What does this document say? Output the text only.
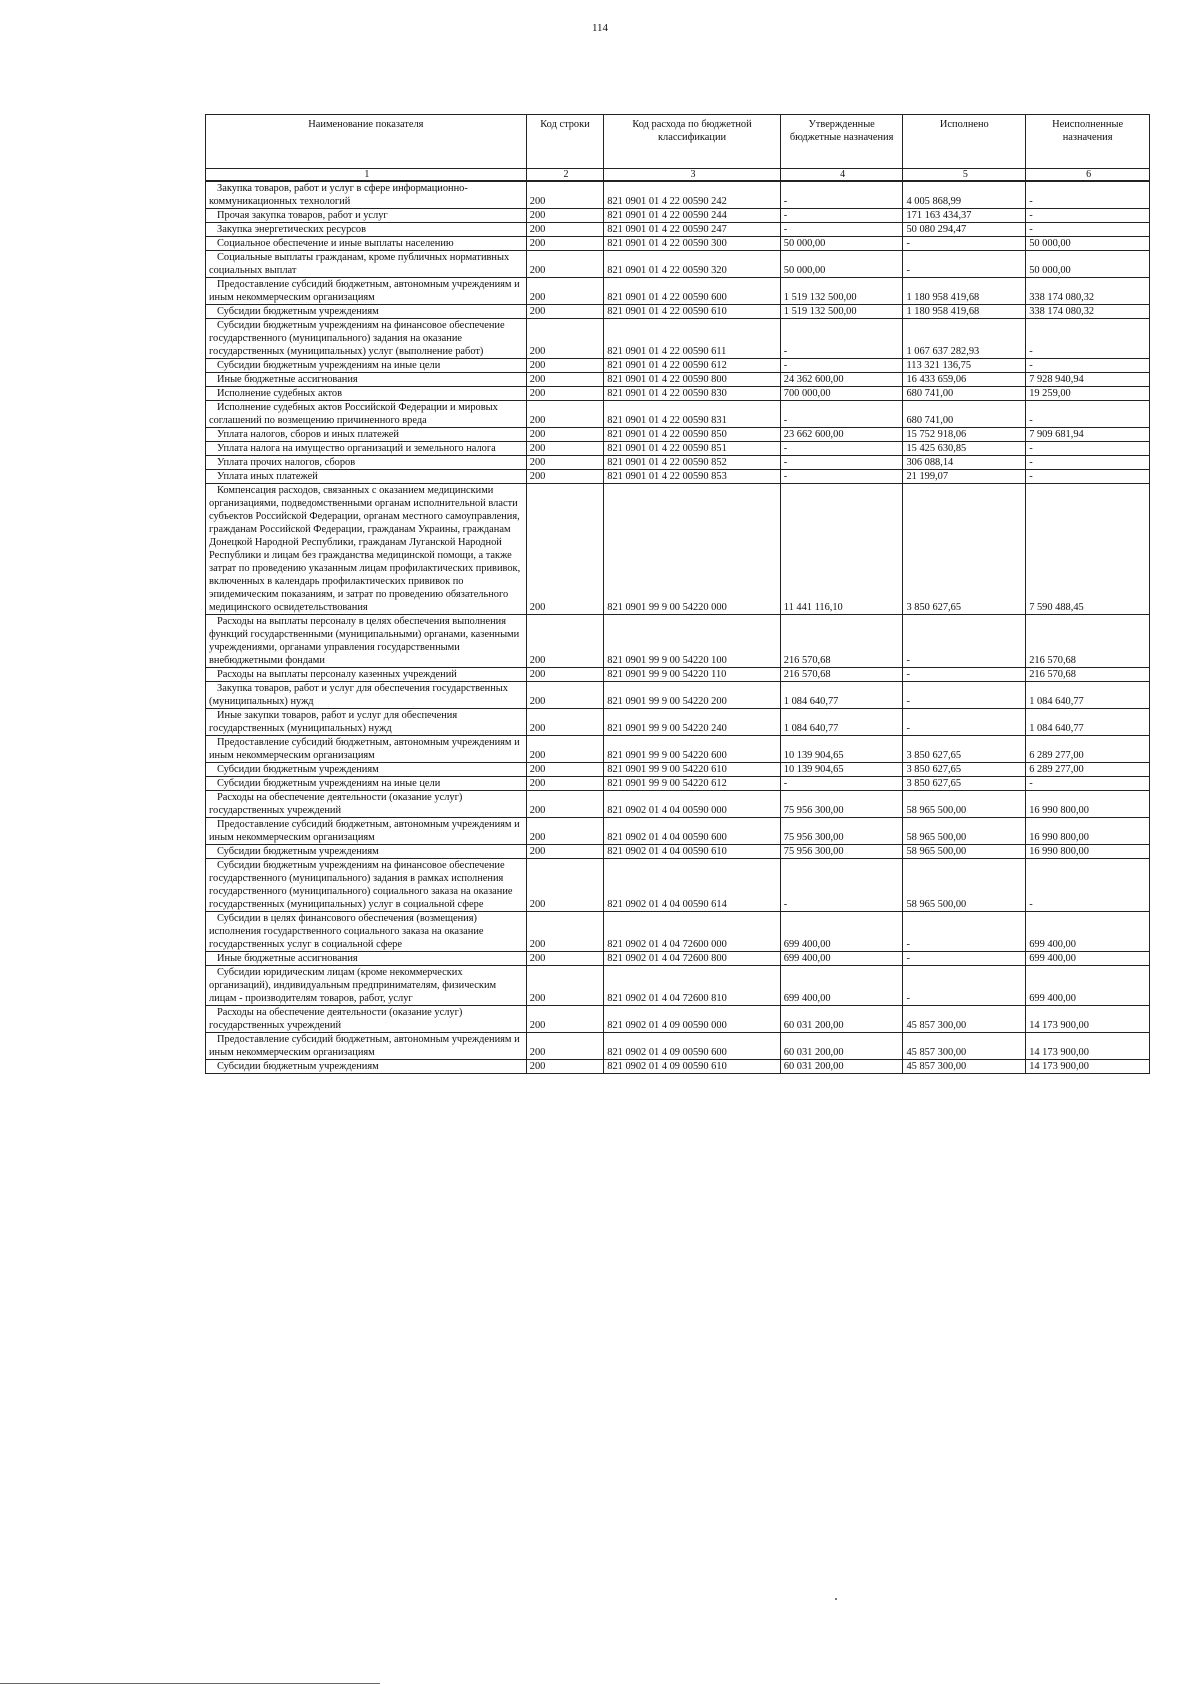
114
Наименование показателя	Код строки	Код расхода по бюджетной классификации	Утвержденные бюджетные назначения	Исполнено	Неисполненные назначения
1	2	3	4	5	6
Закупка товаров, работ и услуг в сфере информационно-коммуникационных технологий	200	821 0901 01 4 22 00590 242	-	4 005 868,99	-
Прочая закупка товаров, работ и услуг	200	821 0901 01 4 22 00590 244	-	171 163 434,37	-
Закупка энергетических ресурсов	200	821 0901 01 4 22 00590 247	-	50 080 294,47	-
Социальное обеспечение и иные выплаты населению	200	821 0901 01 4 22 00590 300	50 000,00	-	50 000,00
Социальные выплаты гражданам, кроме публичных нормативных социальных выплат	200	821 0901 01 4 22 00590 320	50 000,00	-	50 000,00
Предоставление субсидий бюджетным, автономным учреждениям и иным некоммерческим организациям	200	821 0901 01 4 22 00590 600	1 519 132 500,00	1 180 958 419,68	338 174 080,32
Субсидии бюджетным учреждениям	200	821 0901 01 4 22 00590 610	1 519 132 500,00	1 180 958 419,68	338 174 080,32
Субсидии бюджетным учреждениям на финансовое обеспечение государственного (муниципального) задания на оказание государственных (муниципальных) услуг (выполнение работ)	200	821 0901 01 4 22 00590 611	-	1 067 637 282,93	-
Субсидии бюджетным учреждениям на иные цели	200	821 0901 01 4 22 00590 612	-	113 321 136,75	-
Иные бюджетные ассигнования	200	821 0901 01 4 22 00590 800	24 362 600,00	16 433 659,06	7 928 940,94
Исполнение судебных актов	200	821 0901 01 4 22 00590 830	700 000,00	680 741,00	19 259,00
Исполнение судебных актов Российской Федерации и мировых соглашений по возмещению причиненного вреда	200	821 0901 01 4 22 00590 831	-	680 741,00	-
Уплата налогов, сборов и иных платежей	200	821 0901 01 4 22 00590 850	23 662 600,00	15 752 918,06	7 909 681,94
Уплата налога на имущество организаций и земельного налога	200	821 0901 01 4 22 00590 851	-	15 425 630,85	-
Уплата прочих налогов, сборов	200	821 0901 01 4 22 00590 852	-	306 088,14	-
Уплата иных платежей	200	821 0901 01 4 22 00590 853	-	21 199,07	-
Компенсация расходов, связанных с оказанием медицинскими организациями, подведомственными органам исполнительной власти субъектов Российской Федерации, органам местного самоуправления, гражданам Российской Федерации, гражданам Украины, гражданам Донецкой Народной Республики, гражданам Луганской Народной Республики и лицам без гражданства медицинской помощи, а также затрат по проведению указанным лицам профилактических прививок, включенных в календарь профилактических прививок по эпидемическим показаниям, и затрат по проведению обязательного медицинского освидетельствования	200	821 0901 99 9 00 54220 000	11 441 116,10	3 850 627,65	7 590 488,45
Расходы на выплаты персоналу в целях обеспечения выполнения функций государственными (муниципальными) органами, казенными учреждениями, органами управления государственными внебюджетными фондами	200	821 0901 99 9 00 54220 100	216 570,68	-	216 570,68
Расходы на выплаты персоналу казенных учреждений	200	821 0901 99 9 00 54220 110	216 570,68	-	216 570,68
Закупка товаров, работ и услуг для обеспечения государственных (муниципальных) нужд	200	821 0901 99 9 00 54220 200	1 084 640,77	-	1 084 640,77
Иные закупки товаров, работ и услуг для обеспечения государственных (муниципальных) нужд	200	821 0901 99 9 00 54220 240	1 084 640,77	-	1 084 640,77
Предоставление субсидий бюджетным, автономным учреждениям и иным некоммерческим организациям	200	821 0901 99 9 00 54220 600	10 139 904,65	3 850 627,65	6 289 277,00
Субсидии бюджетным учреждениям	200	821 0901 99 9 00 54220 610	10 139 904,65	3 850 627,65	6 289 277,00
Субсидии бюджетным учреждениям на иные цели	200	821 0901 99 9 00 54220 612	-	3 850 627,65	-
Расходы на обеспечение деятельности (оказание услуг) государственных учреждений	200	821 0902 01 4 04 00590 000	75 956 300,00	58 965 500,00	16 990 800,00
Предоставление субсидий бюджетным, автономным учреждениям и иным некоммерческим организациям	200	821 0902 01 4 04 00590 600	75 956 300,00	58 965 500,00	16 990 800,00
Субсидии бюджетным учреждениям	200	821 0902 01 4 04 00590 610	75 956 300,00	58 965 500,00	16 990 800,00
Субсидии бюджетным учреждениям на финансовое обеспечение государственного (муниципального) задания в рамках исполнения государственного (муниципального) социального заказа на оказание государственных (муниципальных) услуг в социальной сфере	200	821 0902 01 4 04 00590 614	-	58 965 500,00	-
Субсидии в целях финансового обеспечения (возмещения) исполнения государственного социального заказа на оказание государственных услуг в социальной сфере	200	821 0902 01 4 04 72600 000	699 400,00	-	699 400,00
Иные бюджетные ассигнования	200	821 0902 01 4 04 72600 800	699 400,00	-	699 400,00
Субсидии юридическим лицам (кроме некоммерческих организаций), индивидуальным предпринимателям, физическим лицам - производителям товаров, работ, услуг	200	821 0902 01 4 04 72600 810	699 400,00	-	699 400,00
Расходы на обеспечение деятельности (оказание услуг) государственных учреждений	200	821 0902 01 4 09 00590 000	60 031 200,00	45 857 300,00	14 173 900,00
Предоставление субсидий бюджетным, автономным учреждениям и иным некоммерческим организациям	200	821 0902 01 4 09 00590 600	60 031 200,00	45 857 300,00	14 173 900,00
Субсидии бюджетным учреждениям	200	821 0902 01 4 09 00590 610	60 031 200,00	45 857 300,00	14 173 900,00
